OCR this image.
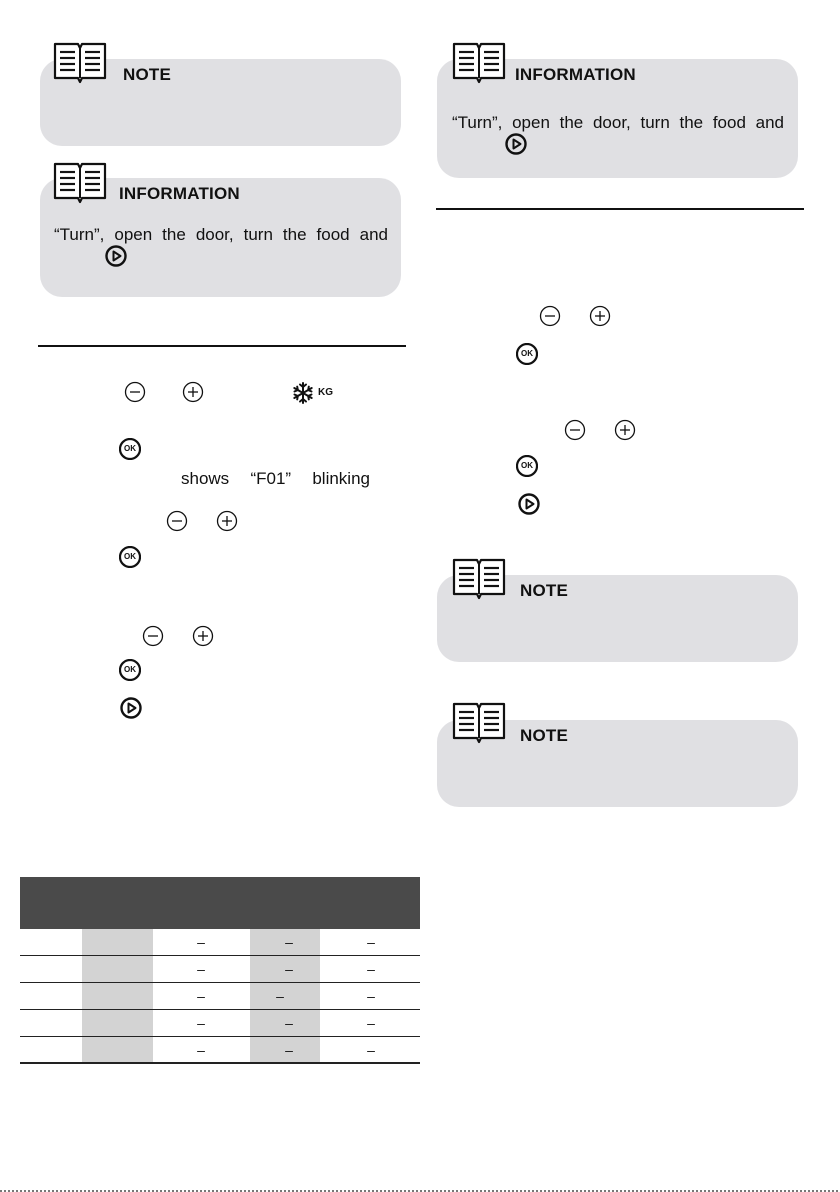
NOTE
INFORMATION
“Turn”, open the door, turn the food and
KG
OK
shows “F01” blinking
OK
OK
–	–	–
–	–	–
–	–	–
–	–	–
–	–	–
INFORMATION
“Turn”, open the door, turn the food and
OK
OK
NOTE
NOTE
